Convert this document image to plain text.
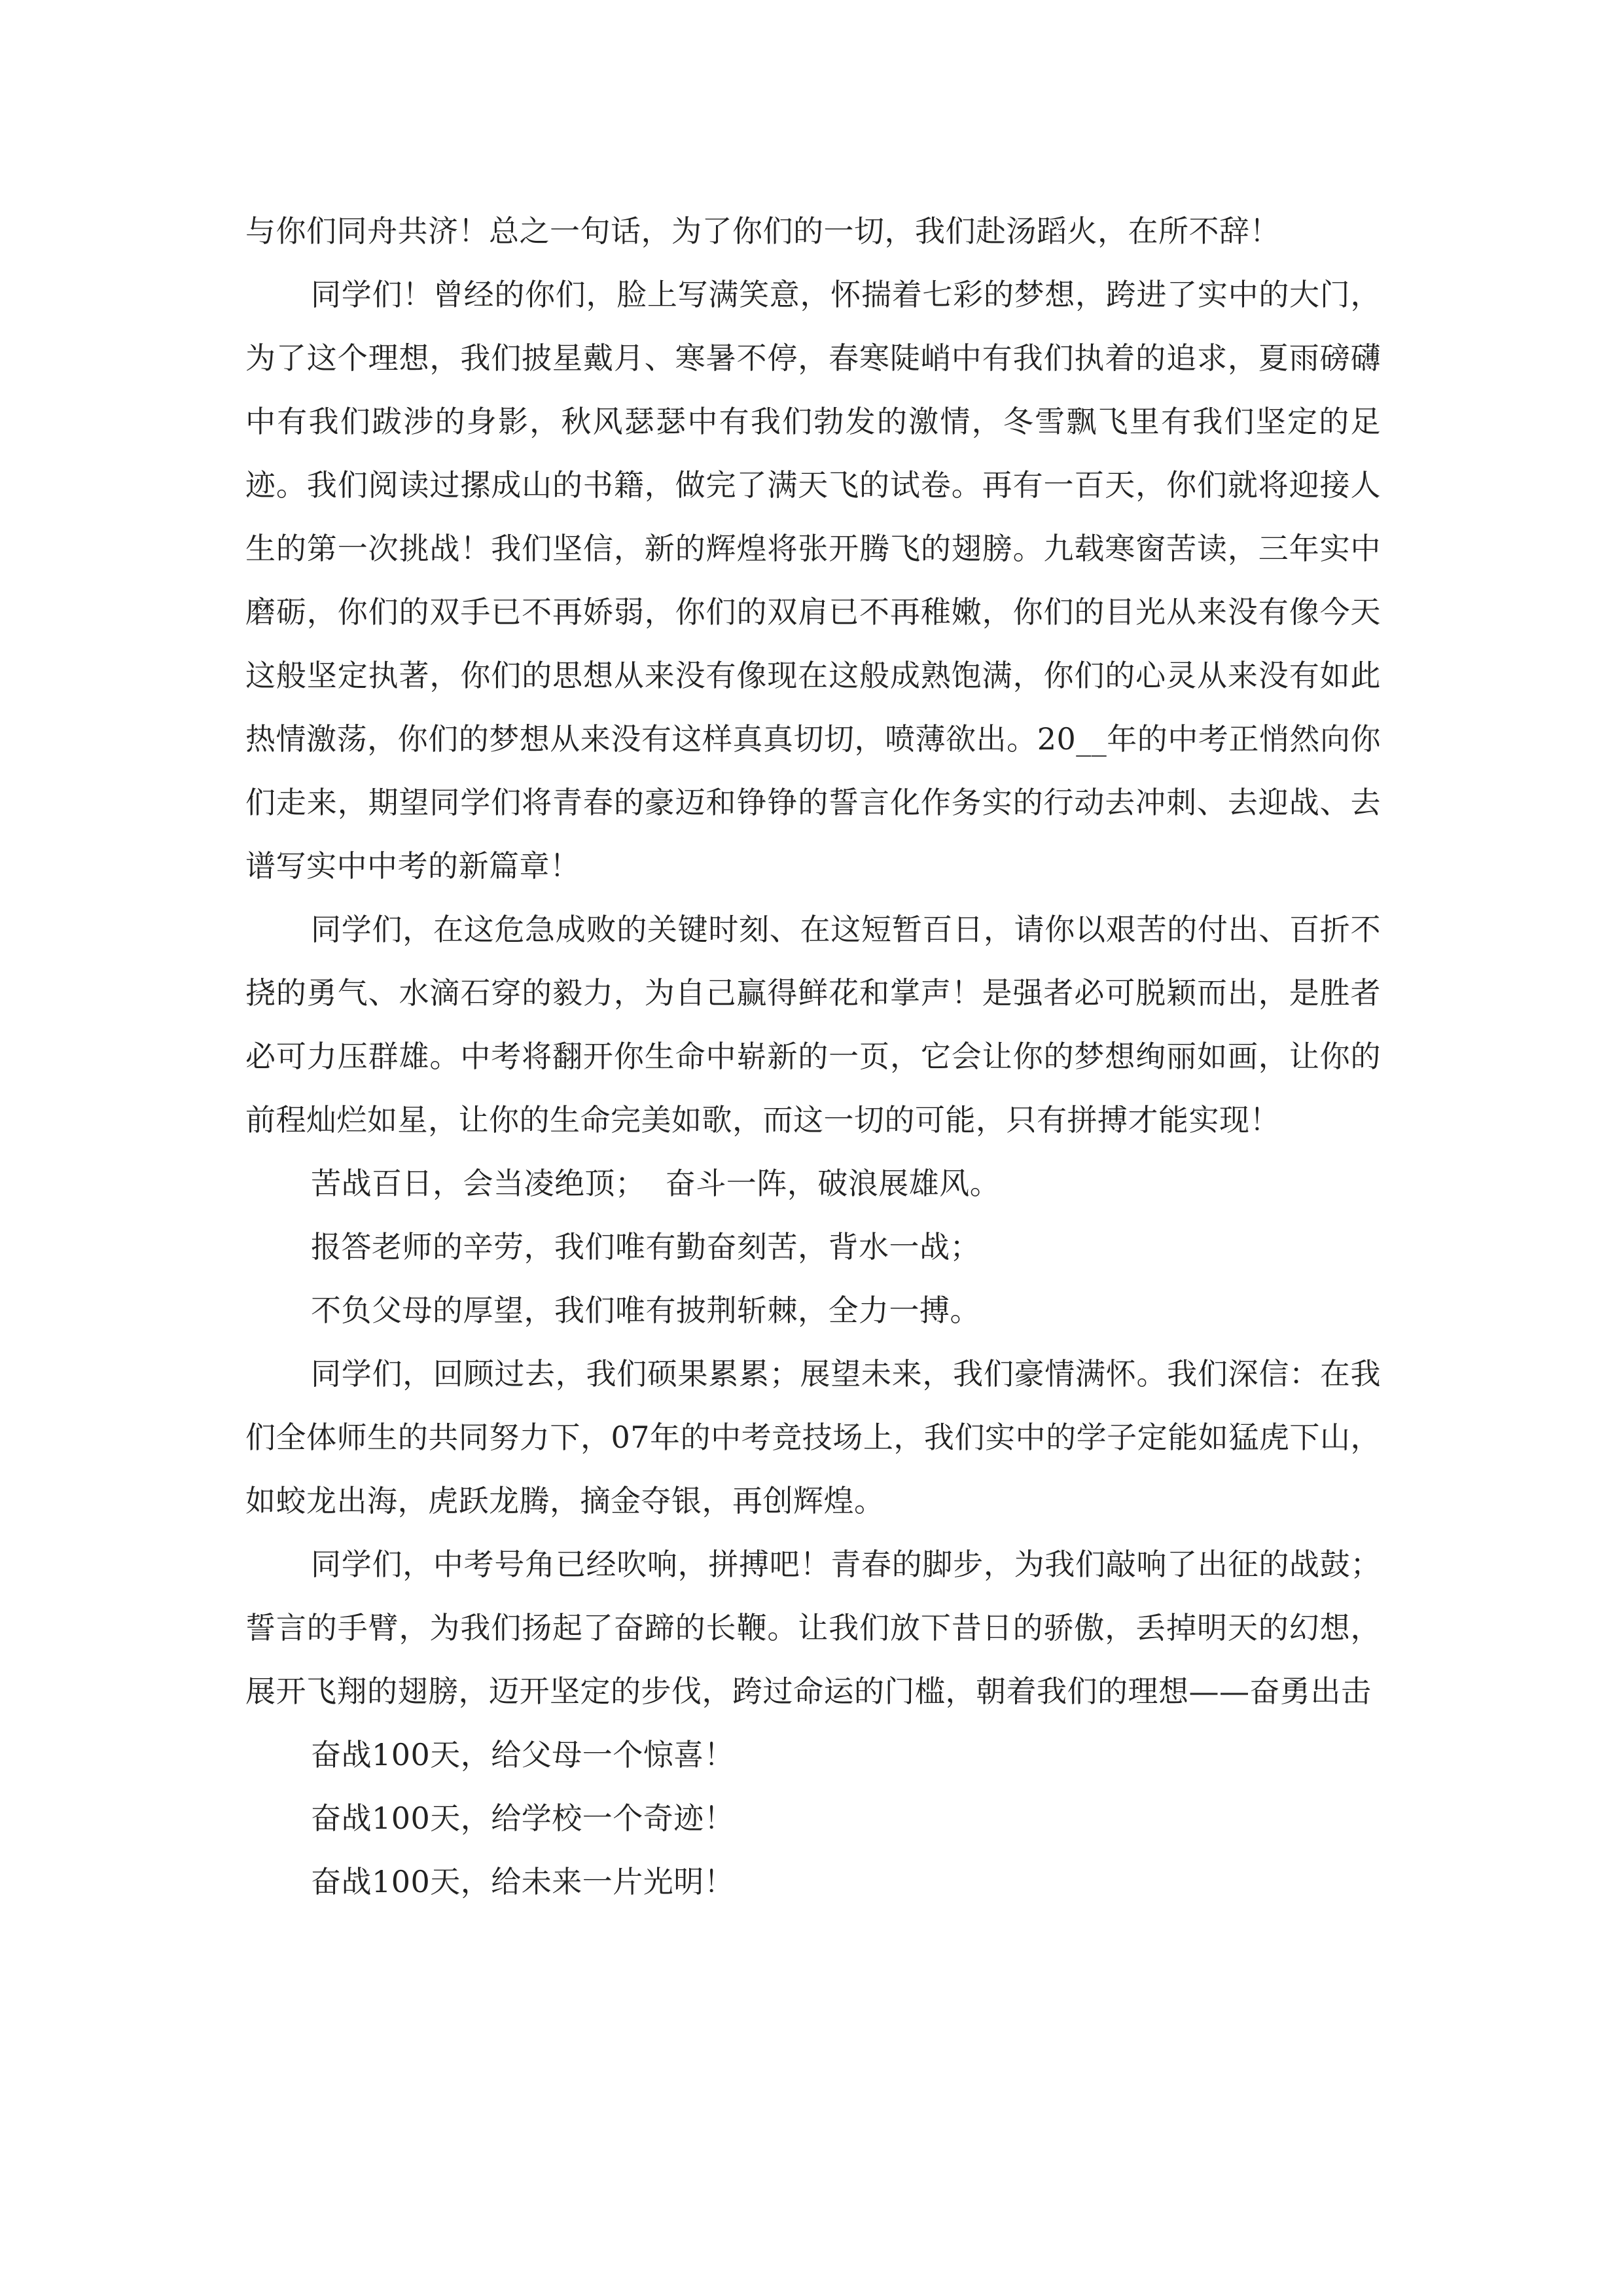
与你们同舟共济！总之一句话，为了你们的一切，我们赴汤蹈火，在所不辞！

同学们！曾经的你们，脸上写满笑意，怀揣着七彩的梦想，跨进了实中的大门，为了这个理想，我们披星戴月、寒暑不停，春寒陡峭中有我们执着的追求，夏雨磅礴中有我们跋涉的身影，秋风瑟瑟中有我们勃发的激情，冬雪飘飞里有我们坚定的足迹。我们阅读过摞成山的书籍，做完了满天飞的试卷。再有一百天，你们就将迎接人生的第一次挑战！我们坚信，新的辉煌将张开腾飞的翅膀。九载寒窗苦读，三年实中磨砺，你们的双手已不再娇弱，你们的双肩已不再稚嫩，你们的目光从来没有像今天这般坚定执著，你们的思想从来没有像现在这般成熟饱满，你们的心灵从来没有如此热情激荡，你们的梦想从来没有这样真真切切，喷薄欲出。20__年的中考正悄然向你们走来，期望同学们将青春的豪迈和铮铮的誓言化作务实的行动去冲刺、去迎战、去谱写实中中考的新篇章！

同学们，在这危急成败的关键时刻、在这短暂百日，请你以艰苦的付出、百折不挠的勇气、水滴石穿的毅力，为自己赢得鲜花和掌声！是强者必可脱颖而出，是胜者必可力压群雄。中考将翻开你生命中崭新的一页，它会让你的梦想绚丽如画，让你的前程灿烂如星，让你的生命完美如歌，而这一切的可能，只有拼搏才能实现！

苦战百日，会当凌绝顶；  奋斗一阵，破浪展雄风。

报答老师的辛劳，我们唯有勤奋刻苦，背水一战；

不负父母的厚望，我们唯有披荆斩棘，全力一搏。

同学们，回顾过去，我们硕果累累；展望未来，我们豪情满怀。我们深信：在我们全体师生的共同努力下，07年的中考竞技场上，我们实中的学子定能如猛虎下山，如蛟龙出海，虎跃龙腾，摘金夺银，再创辉煌。

同学们，中考号角已经吹响，拼搏吧！青春的脚步，为我们敲响了出征的战鼓；誓言的手臂，为我们扬起了奋蹄的长鞭。让我们放下昔日的骄傲，丢掉明天的幻想，展开飞翔的翅膀，迈开坚定的步伐，跨过命运的门槛，朝着我们的理想——奋勇出击

奋战100天，给父母一个惊喜！

奋战100天，给学校一个奇迹！

奋战100天，给未来一片光明！
